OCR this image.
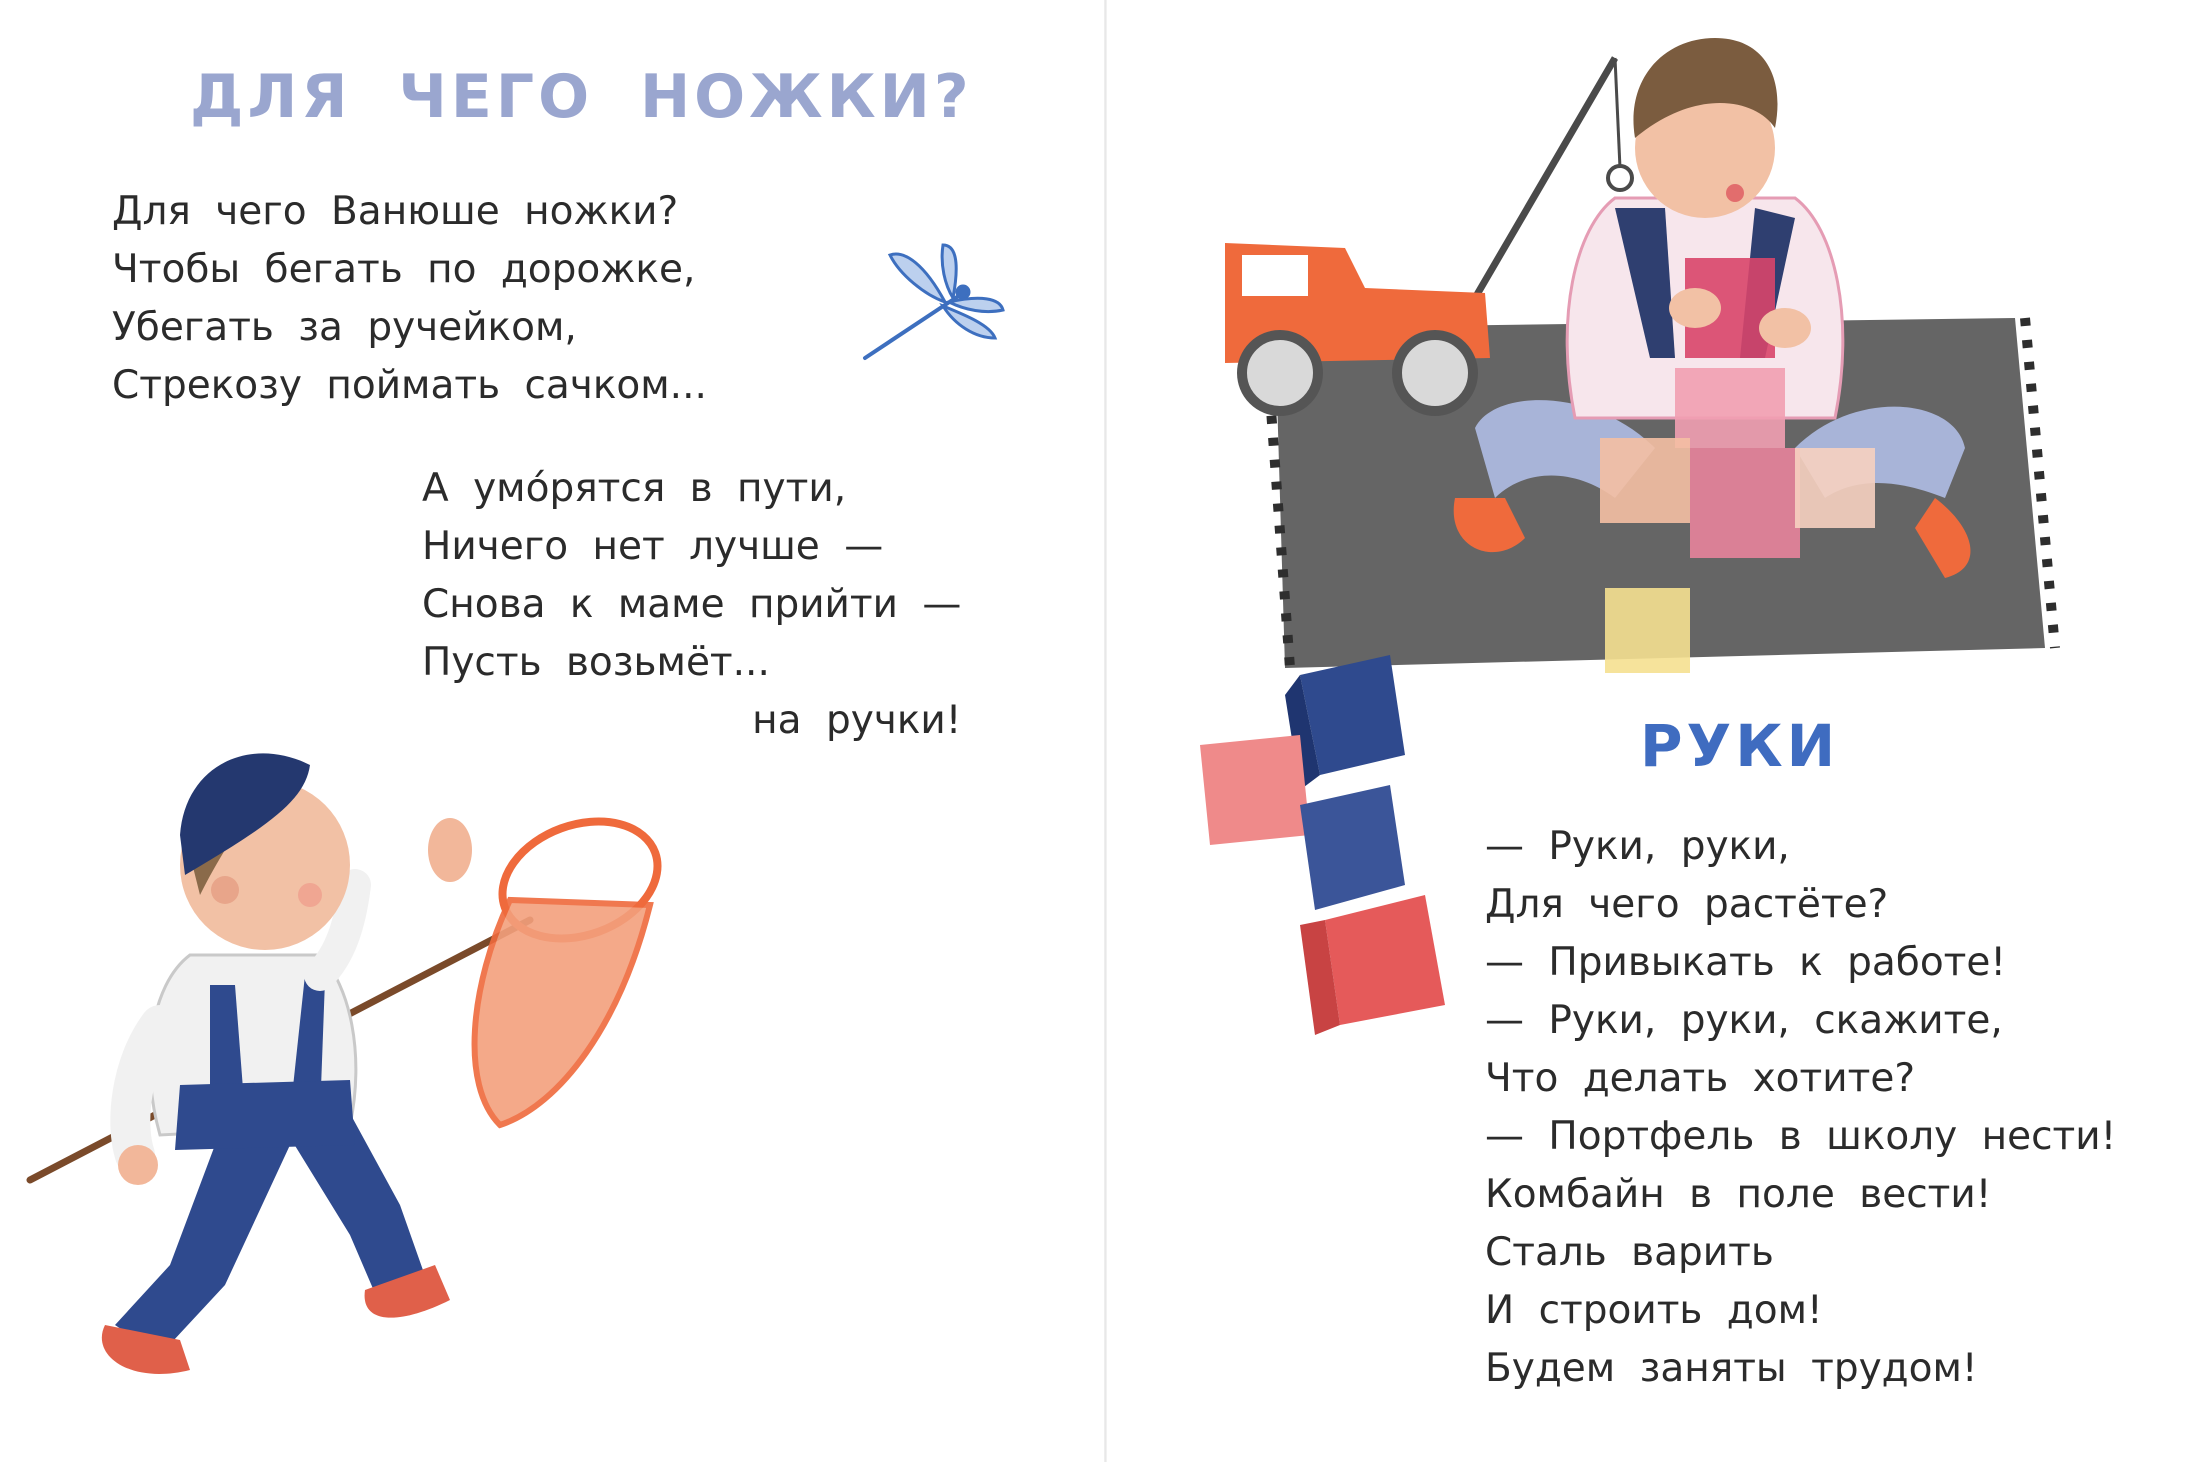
ДЛЯ ЧЕГО НОЖКИ?
Для чего Ванюше ножки?
Чтобы бегать по дорожке,
Убегать за ручейком,
Стрекозу поймать сачком...
А умо́рятся в пути,
Ничего нет лучше —
Снова к маме прийти —
Пусть возьмёт...
на ручки!	РУКИ
— Руки, руки,
Для чего растёте?
— Привыкать к работе!
— Руки, руки, скажите,
Что делать хотите?
— Портфель в школу нести!
Комбайн в поле вести!
Сталь варить
И строить дом!
Будем заняты трудом!
